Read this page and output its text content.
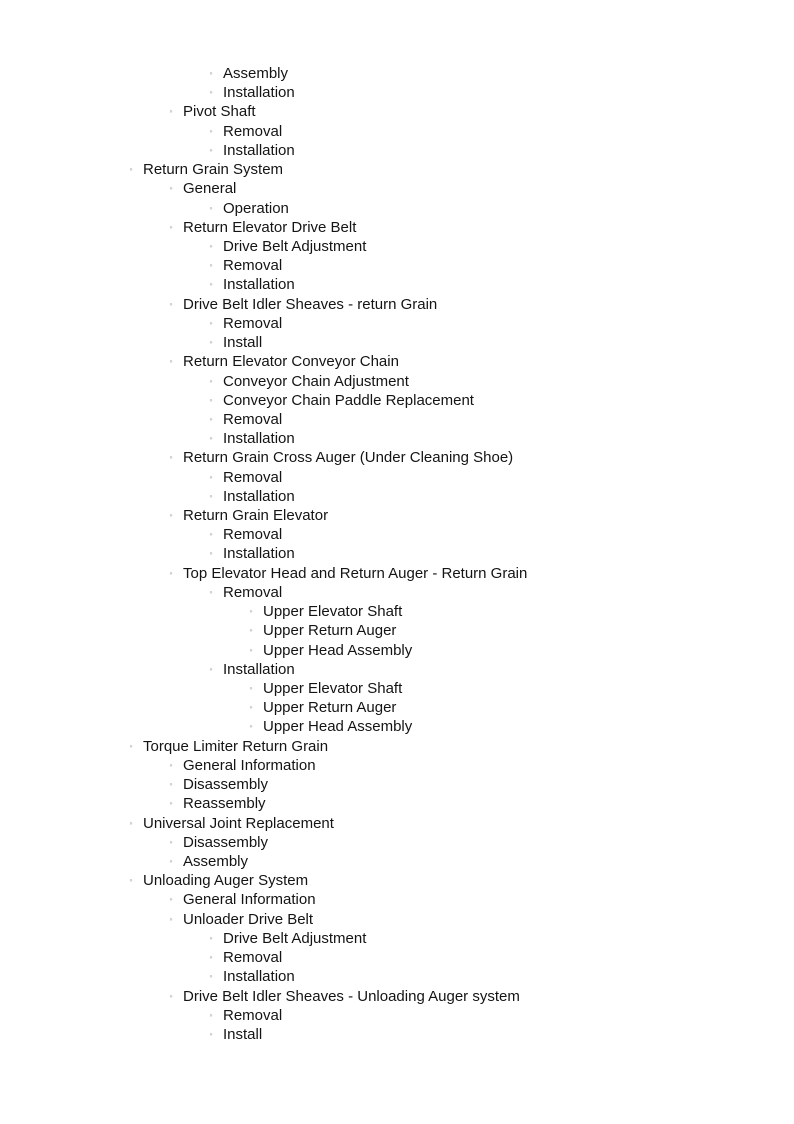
◦ Assembly
◦ Installation
◦ Pivot Shaft
◦ Removal
◦ Installation
◦ Return Grain System
◦ General
◦ Operation
◦ Return Elevator Drive Belt
◦ Drive Belt Adjustment
◦ Removal
◦ Installation
◦ Drive Belt Idler Sheaves - return Grain
◦ Removal
◦ Install
◦ Return Elevator Conveyor Chain
◦ Conveyor Chain Adjustment
◦ Conveyor Chain Paddle Replacement
◦ Removal
◦ Installation
◦ Return Grain Cross Auger (Under Cleaning Shoe)
◦ Removal
◦ Installation
◦ Return Grain Elevator
◦ Removal
◦ Installation
◦ Top Elevator Head and Return Auger - Return Grain
◦ Removal
◦ Upper Elevator Shaft
◦ Upper Return Auger
◦ Upper Head Assembly
◦ Installation
◦ Upper Elevator Shaft
◦ Upper Return Auger
◦ Upper Head Assembly
◦ Torque Limiter Return Grain
◦ General Information
◦ Disassembly
◦ Reassembly
◦ Universal Joint Replacement
◦ Disassembly
◦ Assembly
◦ Unloading Auger System
◦ General Information
◦ Unloader Drive Belt
◦ Drive Belt Adjustment
◦ Removal
◦ Installation
◦ Drive Belt Idler Sheaves - Unloading Auger system
◦ Removal
◦ Install
